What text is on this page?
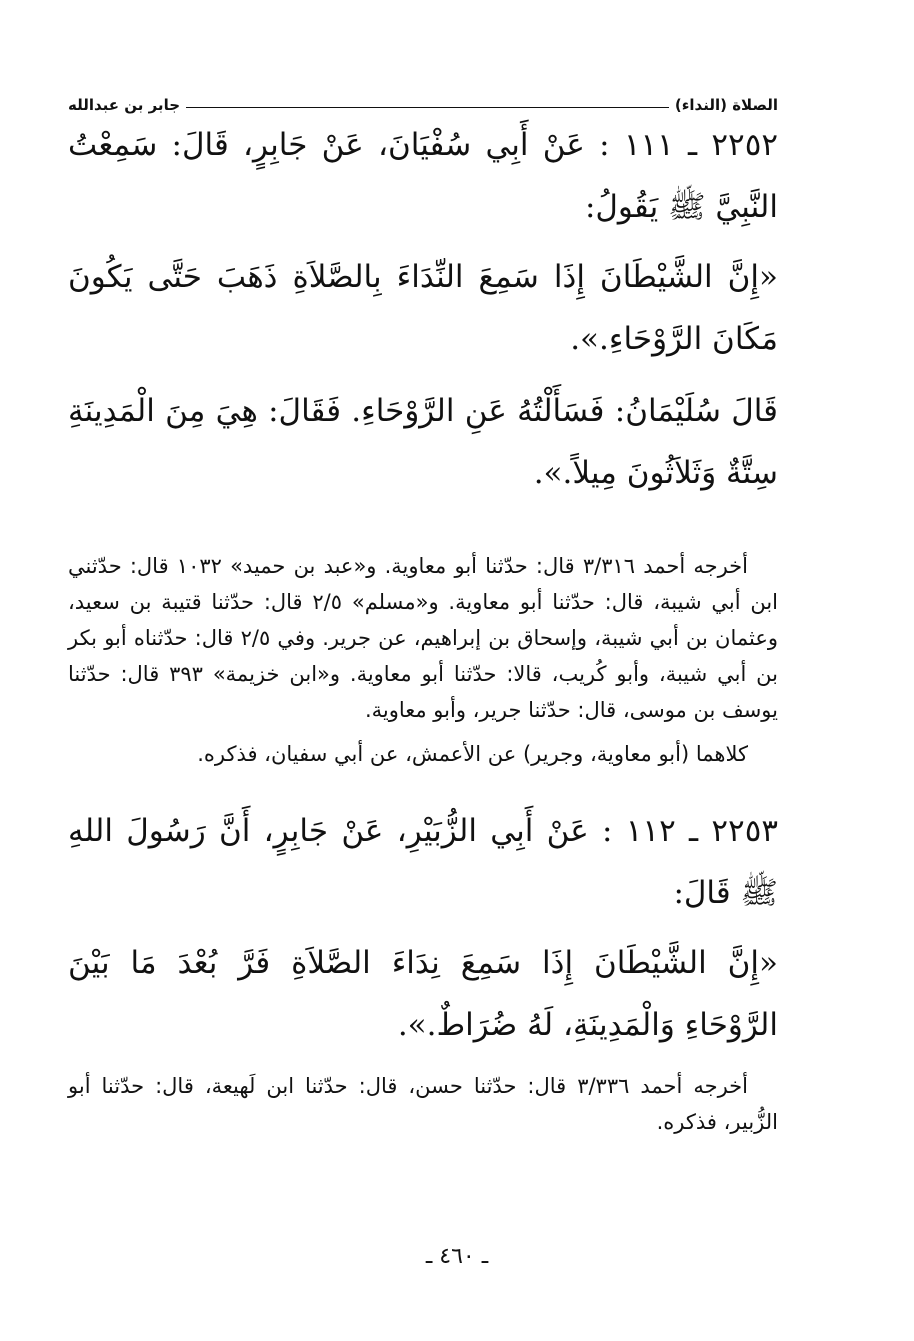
الصلاة (النداء)
جابر بن عبدالله

٢٢٥٢ ـ ١١١ : عَنْ أَبِي سُفْيَانَ، عَنْ جَابِرٍ، قَالَ: سَمِعْتُ النَّبِيَّ ﷺ يَقُولُ:

«إِنَّ الشَّيْطَانَ إِذَا سَمِعَ النِّدَاءَ بِالصَّلاَةِ ذَهَبَ حَتَّى يَكُونَ مَكَانَ الرَّوْحَاءِ.».

قَالَ سُلَيْمَانُ: فَسَأَلْتُهُ عَنِ الرَّوْحَاءِ. فَقَالَ: هِيَ مِنَ الْمَدِينَةِ سِتَّةٌ وَثَلاَثُونَ مِيلاً.».

أخرجه أحمد ٣/٣١٦ قال: حدّثنا أبو معاوية. و«عبد بن حميد» ١٠٣٢ قال: حدّثني ابن أبي شيبة، قال: حدّثنا أبو معاوية. و«مسلم» ٢/٥ قال: حدّثنا قتيبة بن سعيد، وعثمان بن أبي شيبة، وإسحاق بن إبراهيم، عن جرير. وفي ٢/٥ قال: حدّثناه أبو بكر بن أبي شيبة، وأبو كُريب، قالا: حدّثنا أبو معاوية. و«ابن خزيمة» ٣٩٣ قال: حدّثنا يوسف بن موسى، قال: حدّثنا جرير، وأبو معاوية.

كلاهما (أبو معاوية، وجرير) عن الأعمش، عن أبي سفيان، فذكره.

٢٢٥٣ ـ ١١٢ : عَنْ أَبِي الزُّبَيْرِ، عَنْ جَابِرٍ، أَنَّ رَسُولَ اللهِ ﷺ قَالَ:

«إِنَّ الشَّيْطَانَ إِذَا سَمِعَ نِدَاءَ الصَّلاَةِ فَرَّ بُعْدَ مَا بَيْنَ الرَّوْحَاءِ وَالْمَدِينَةِ، لَهُ ضُرَاطٌ.».

أخرجه أحمد ٣/٣٣٦ قال: حدّثنا حسن، قال: حدّثنا ابن لَهيعة، قال: حدّثنا أبو الزُّبير، فذكره.

ـ ٤٦٠ ـ
